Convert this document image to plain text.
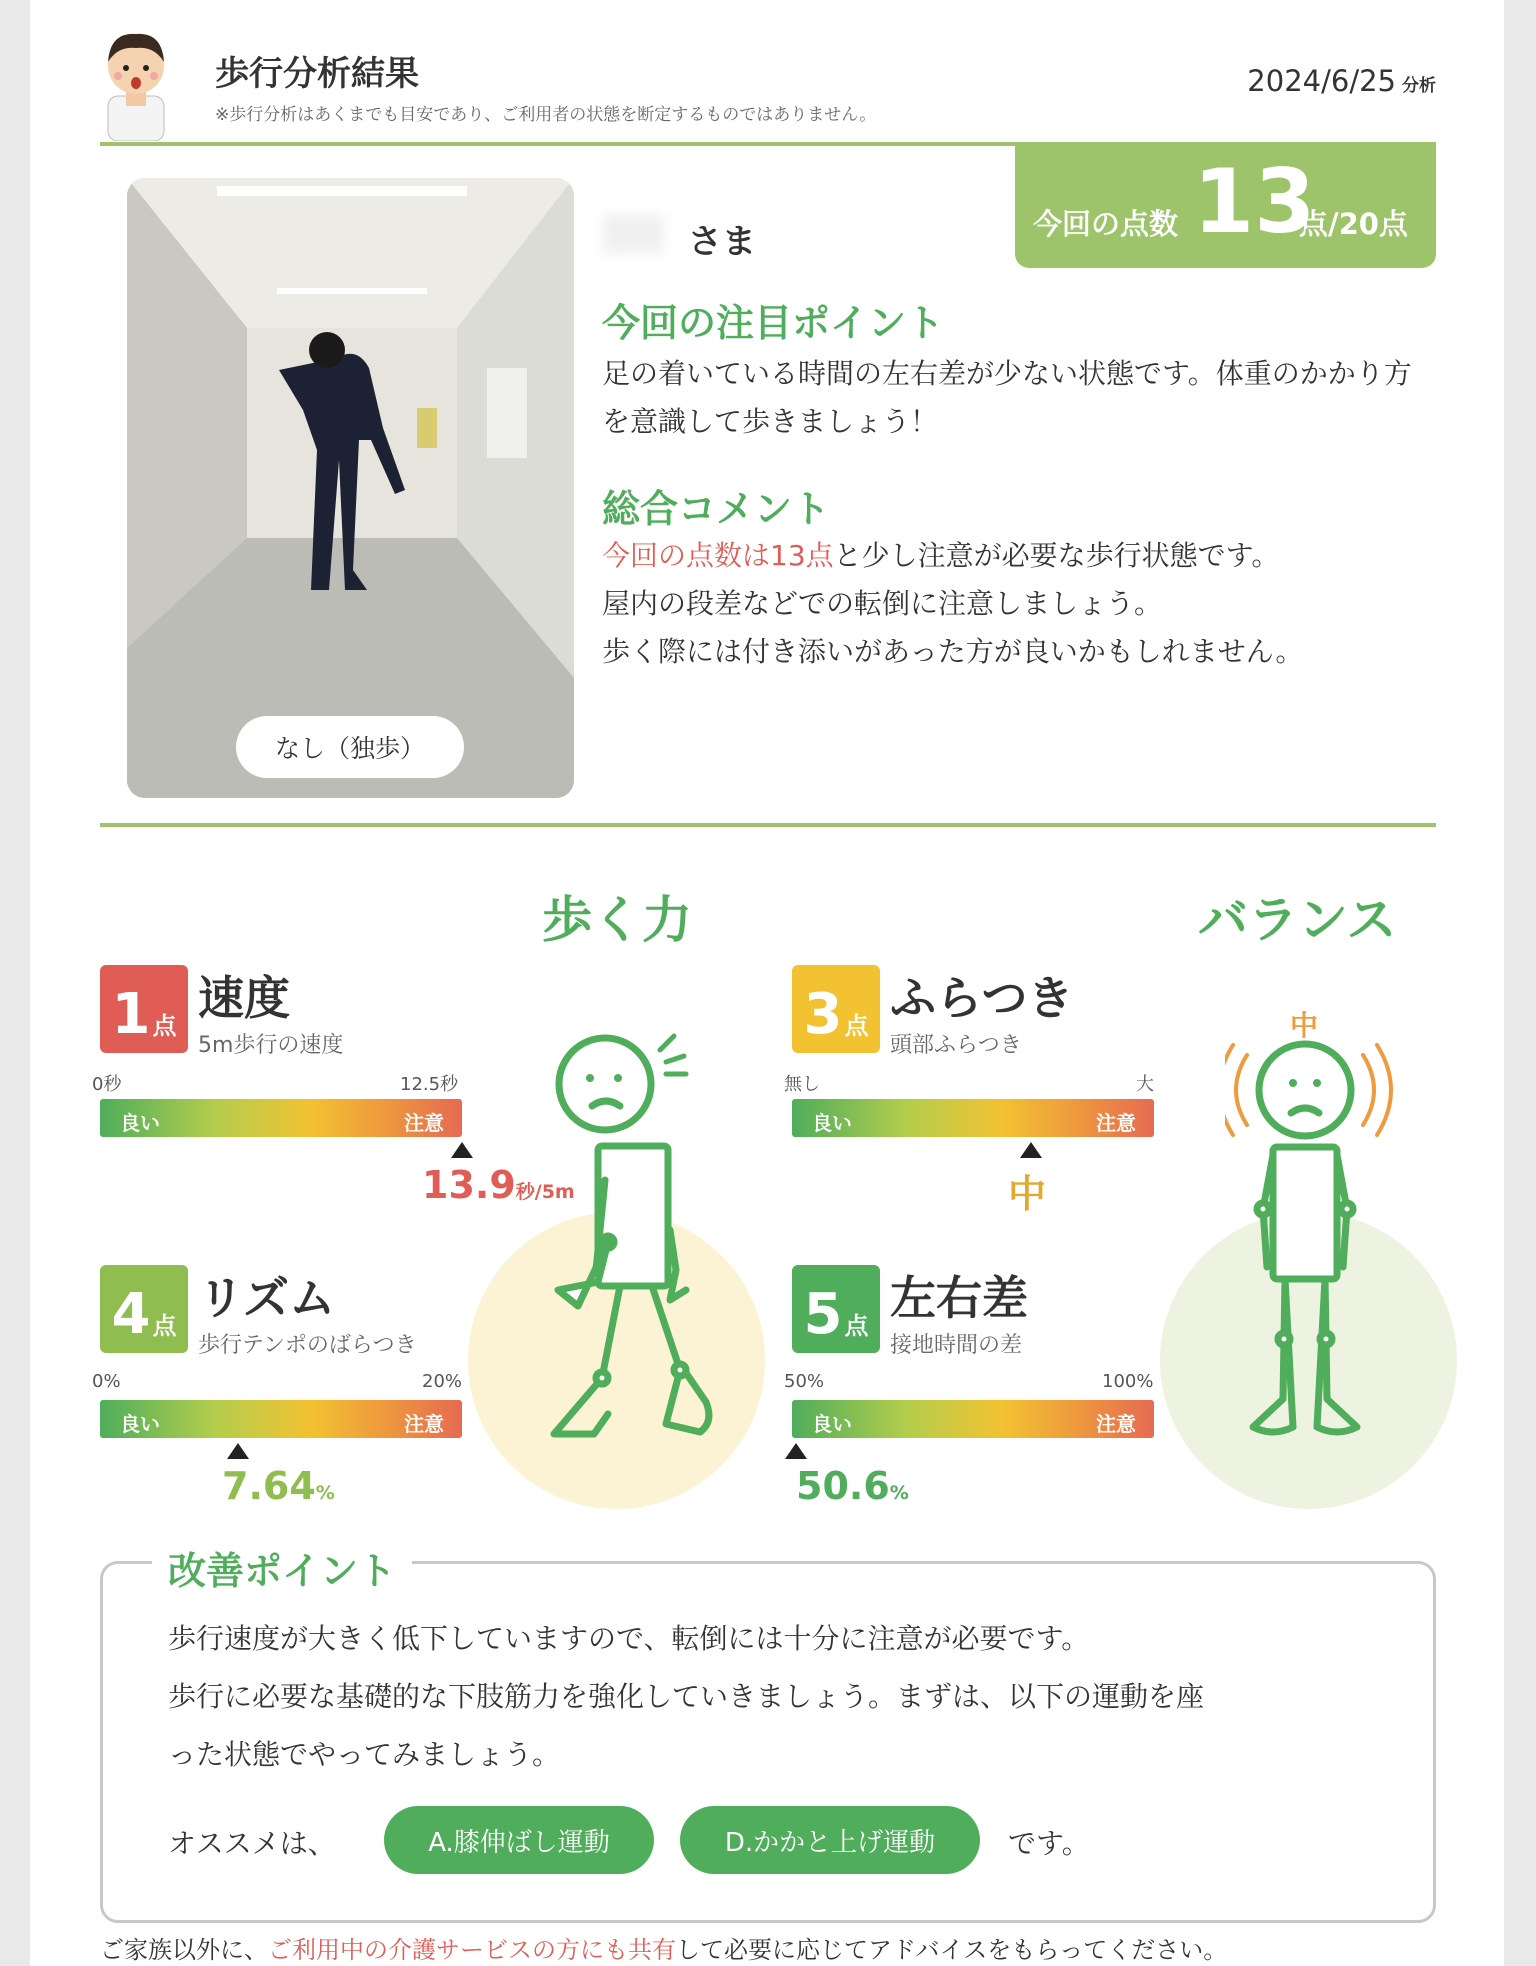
歩行分析結果
※歩行分析はあくまでも目安であり、ご利用者の状態を断定するものではありません。
2024/6/25 分析
なし（独歩）
今回の点数 13
点/20点
さま
今回の注目ポイント
足の着いている時間の左右差が少ない状態です。体重のかかり方を意識して歩きましょう！
総合コメント
今回の点数は13点と少し注意が必要な歩行状態です。
屋内の段差などでの転倒に注意しましょう。
歩く際には付き添いがあった方が良いかもしれません。
歩く力	バランス
中
1 点
速度
5m歩行の速度
0秒	12.5秒
良い	注意
13.9秒/5m
4 点
リズム
歩行テンポのばらつき
0%	20%
良い	注意
7.64%
3 点
ふらつき
頭部ふらつき
無し	大
良い	注意
中
5 点
左右差
接地時間の差
50%	100%
良い	注意
50.6%
改善ポイント
歩行速度が大きく低下していますので、転倒には十分に注意が必要です。
歩行に必要な基礎的な下肢筋力を強化していきましょう。まずは、以下の運動を座
った状態でやってみましょう。
オススメは、	A.膝伸ばし運動	D.かかと上げ運動	です。
ご家族以外に、ご利用中の介護サービスの方にも共有して必要に応じてアドバイスをもらってください。
